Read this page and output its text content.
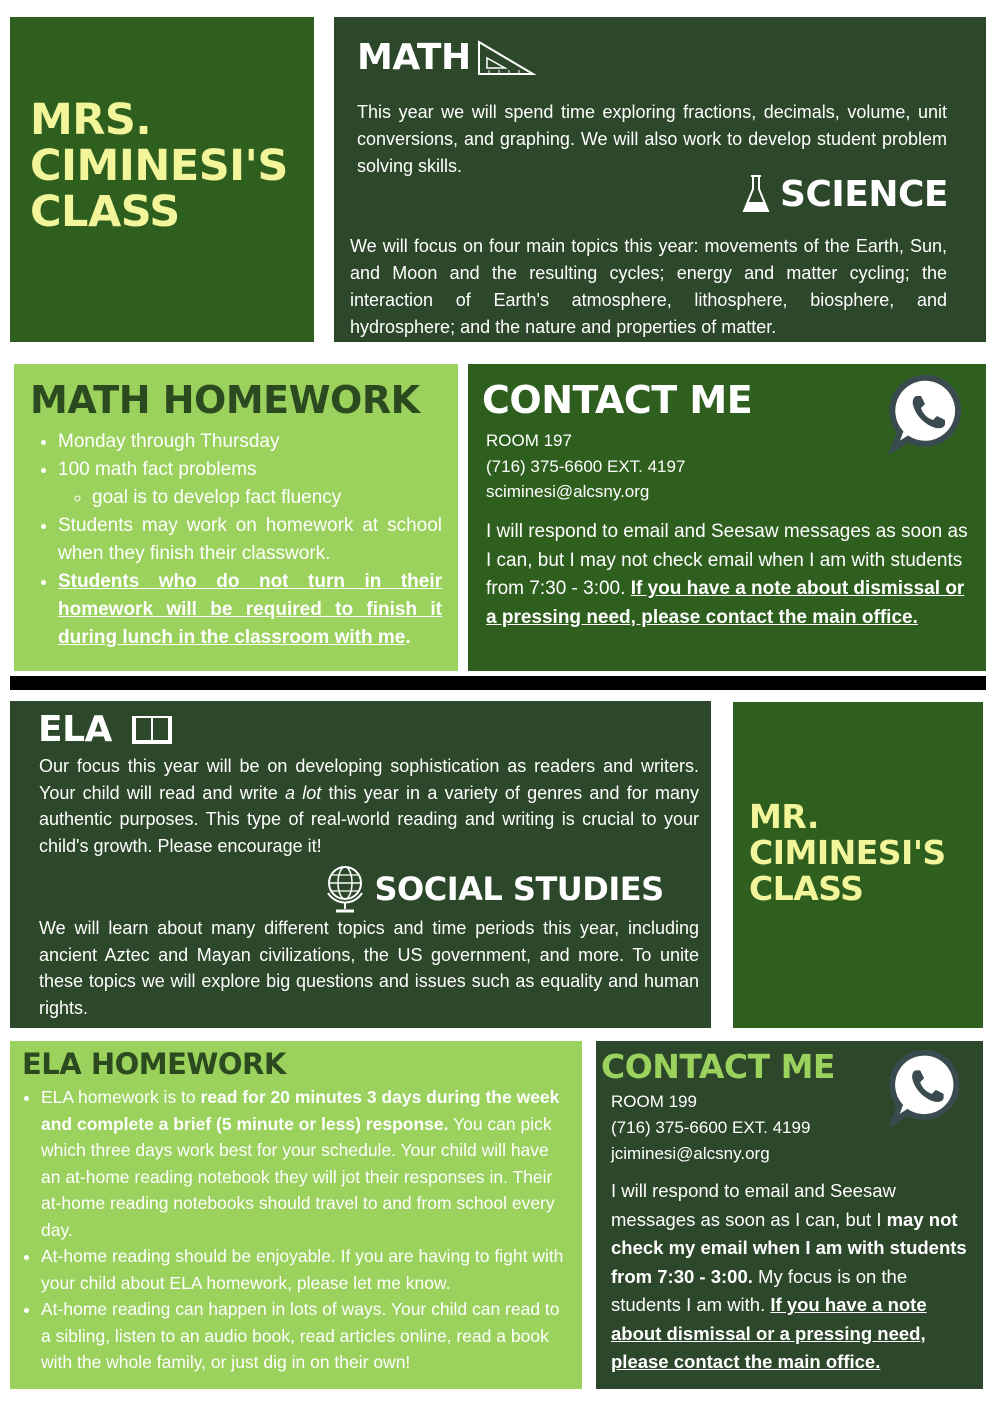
MRS.
CIMINESI'S
CLASS
MATH

This year we will spend time exploring fractions, decimals, volume, unit conversions, and graphing. We will also work to develop student problem solving skills.

SCIENCE

We will focus on four main topics this year: movements of the Earth, Sun, and Moon and the resulting cycles; energy and matter cycling; the interaction of Earth's atmosphere, lithosphere, biosphere, and hydrosphere; and the nature and properties of matter.

MATH HOMEWORK
• Monday through Thursday
• 100 math fact problems
◦ goal is to develop fact fluency
• Students may work on homework at school when they finish their classwork.
• Students who do not turn in their homework will be required to finish it during lunch in the classroom with me.
CONTACT ME
ROOM 197
(716) 375-6600 EXT. 4197
sciminesi@alcsny.org

I will respond to email and Seesaw messages as soon as I can, but I may not check email when I am with students from 7:30 - 3:00. If you have a note about dismissal or a pressing need, please contact the main office.

ELA

Our focus this year will be on developing sophistication as readers and writers. Your child will read and write a lot this year in a variety of genres and for many authentic purposes. This type of real-world reading and writing is crucial to your child's growth. Please encourage it!

SOCIAL STUDIES

We will learn about many different topics and time periods this year, including ancient Aztec and Mayan civilizations, the US government, and more. To unite these topics we will explore big questions and issues such as equality and human rights.

MR.
CIMINESI'S
CLASS
ELA HOMEWORK
• ELA homework is to read for 20 minutes 3 days during the week and complete a brief (5 minute or less) response. You can pick which three days work best for your schedule. Your child will have an at-home reading notebook they will jot their responses in. Their at-home reading notebooks should travel to and from school every day.
• At-home reading should be enjoyable. If you are having to fight with your child about ELA homework, please let me know.
• At-home reading can happen in lots of ways. Your child can read to a sibling, listen to an audio book, read articles online, read a book with the whole family, or just dig in on their own!
CONTACT ME
ROOM 199
(716) 375-6600 EXT. 4199
jciminesi@alcsny.org

I will respond to email and Seesaw messages as soon as I can, but I may not check my email when I am with students from 7:30 - 3:00. My focus is on the students I am with. If you have a note about dismissal or a pressing need, please contact the main office.
